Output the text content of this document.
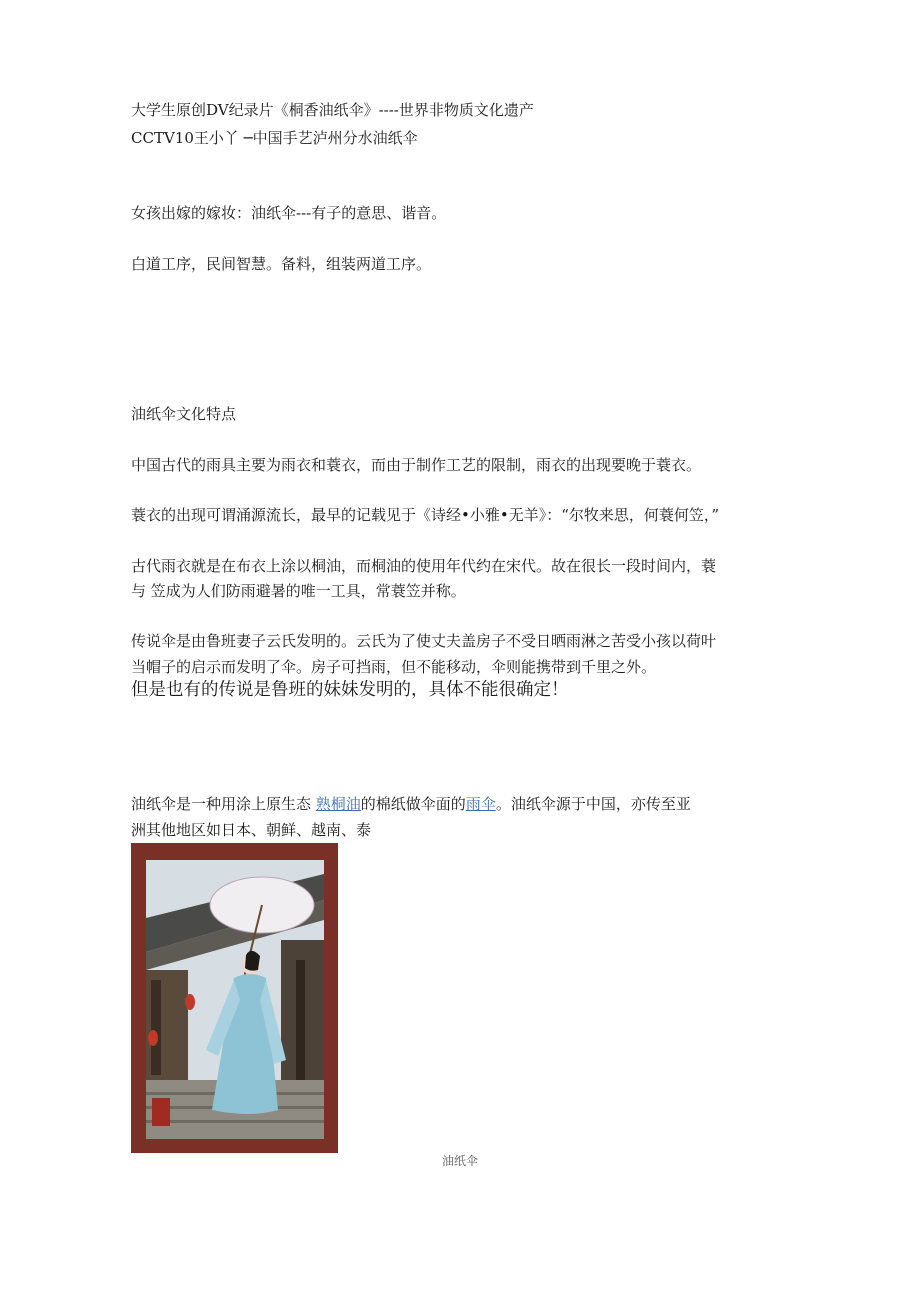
大学生原创DV纪录片《桐香油纸伞》----世界非物质文化遗产
CCTV10王小丫 ─中国手艺泸州分水油纸伞
女孩出嫁的嫁妆：油纸伞---有子的意思、谐音。
白道工序，民间智慧。备料，组装两道工序。
油纸伞文化特点
中国古代的雨具主要为雨衣和蓑衣，而由于制作工艺的限制，雨衣的出现要晚于蓑衣。
蓑衣的出现可谓涌源流长，最早的记载见于《诗经•小雅•无羊》：“尔牧来思，何蓑何笠，”
古代雨衣就是在布衣上涂以桐油，而桐油的使用年代约在宋代。故在很长一段时间内，蓑
与 笠成为人们防雨避暑的唯一工具，常蓑笠并称。
传说伞是由鲁班妻子云氏发明的。云氏为了使丈夫盖房子不受日晒雨淋之苦受小孩以荷叶
当帽子的启示而发明了伞。房子可挡雨，但不能移动，伞则能携带到千里之外。
但是也有的传说是鲁班的妹妹发明的，具体不能很确定！
油纸伞是一种用涂上原生态 熟桐油的棉纸做伞面的雨伞。油纸伞源于中国，亦传至亚
洲其他地区如日本、朝鲜、越南、泰
油纸伞
